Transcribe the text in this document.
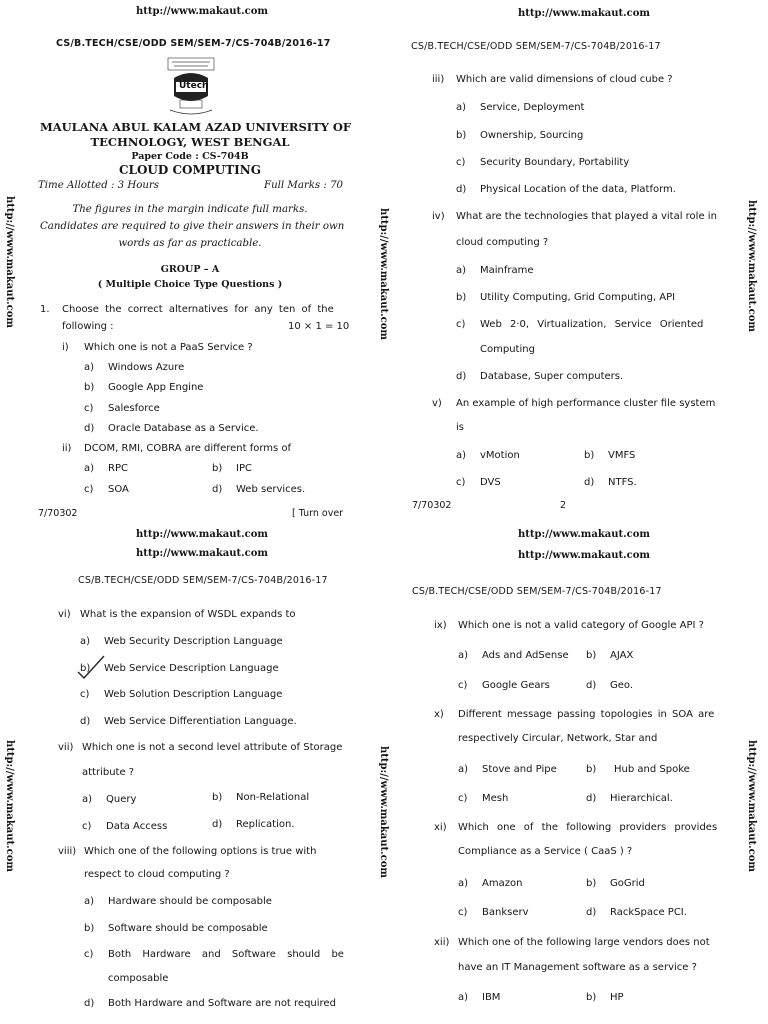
http://www.makaut.com	http://www.makaut.com	http://www.makaut.com
http://www.makaut.com	http://www.makaut.com	http://www.makaut.com
http://www.makaut.com
CS/B.TECH/CSE/ODD SEM/SEM-7/CS-704B/2016-17
Utech
MAULANA ABUL KALAM AZAD UNIVERSITY OF
TECHNOLOGY, WEST BENGAL
Paper Code : CS-704B
CLOUD COMPUTING
Time Allotted : 3 Hours	Full Marks : 70
The figures in the margin indicate full marks.
Candidates are required to give their answers in their own
words as far as practicable.
GROUP – A
( Multiple Choice Type Questions )
1. Choose the correct alternatives for any ten of the
following :	10 × 1 = 10
i) Which one is not a PaaS Service ?
a) Windows Azure
b) Google App Engine
c) Salesforce
d) Oracle Database as a Service.
ii) DCOM, RMI, COBRA are different forms of
a) RPC	b) IPC
c) SOA	d) Web services.
7/70302	[ Turn over
http://www.makaut.com
CS/B.TECH/CSE/ODD SEM/SEM-7/CS-704B/2016-17
iii) Which are valid dimensions of cloud cube ?
a) Service, Deployment
b) Ownership, Sourcing
c) Security Boundary, Portability
d) Physical Location of the data, Platform.
iv) What are the technologies that played a vital role in
cloud computing ?
a) Mainframe
b) Utility Computing, Grid Computing, API
c) Web 2·0, Virtualization, Service Oriented
Computing
d) Database, Super computers.
v) An example of high performance cluster file system
is
a) vMotion	b) VMFS
c) DVS	d) NTFS.
7/70302	2
http://www.makaut.com
http://www.makaut.com
CS/B.TECH/CSE/ODD SEM/SEM-7/CS-704B/2016-17
vi) What is the expansion of WSDL expands to
a) Web Security Description Language
b) Web Service Description Language
c) Web Solution Description Language
d) Web Service Differentiation Language.
vii) Which one is not a second level attribute of Storage
attribute ?
a) Query	b) Non-Relational
c) Data Access	d) Replication.
viii) Which one of the following options is true with
respect to cloud computing ?
a) Hardware should be composable
b) Software should be composable
c) Both Hardware and Software should be
composable
d) Both Hardware and Software are not required
http://www.makaut.com
http://www.makaut.com
CS/B.TECH/CSE/ODD SEM/SEM-7/CS-704B/2016-17
ix) Which one is not a valid category of Google API ?
a) Ads and AdSense b) AJAX
c) Google Gears	d) Geo.
x) Different message passing topologies in SOA are
respectively Circular, Network, Star and
a) Stove and Pipe	b) Hub and Spoke
c) Mesh	d) Hierarchical.
xi) Which one of the following providers provides
Compliance as a Service ( CaaS ) ?
a) Amazon	b) GoGrid
c) Bankserv	d) RackSpace PCI.
xii) Which one of the following large vendors does not
have an IT Management software as a service ?
a) IBM	b) HP
